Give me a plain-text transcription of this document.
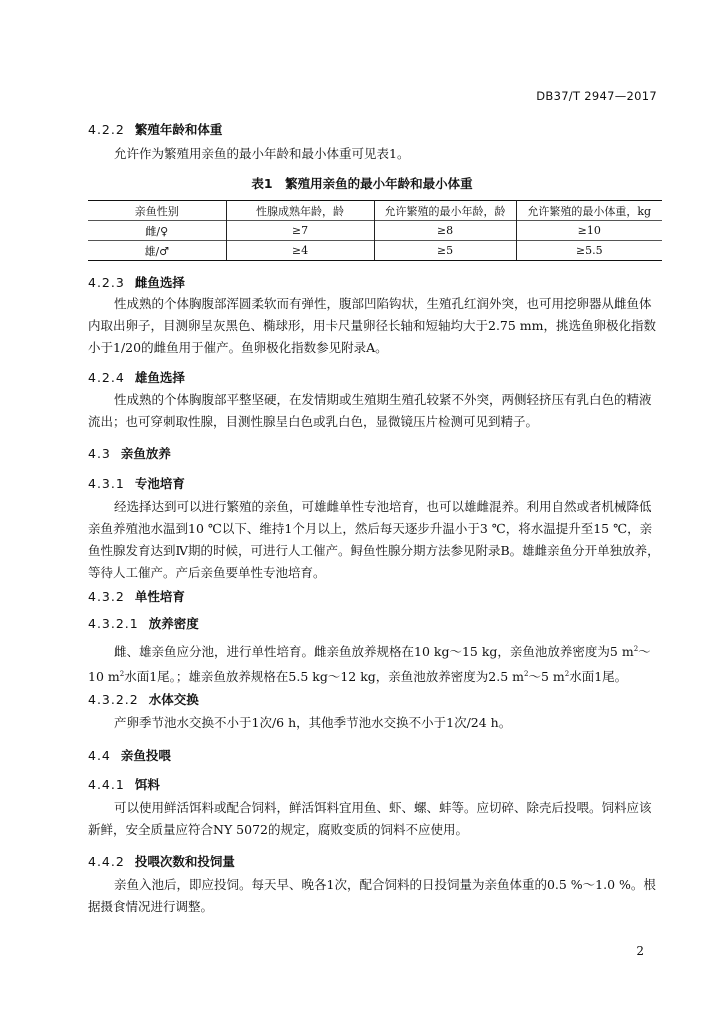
DB37/T 2947—2017
4.2.2 繁殖年龄和体重

允许作为繁殖用亲鱼的最小年龄和最小体重可见表1。

表1　繁殖用亲鱼的最小年龄和最小体重
亲鱼性别	性腺成熟年龄，龄	允许繁殖的最小年龄，龄	允许繁殖的最小体重，kg
雌/♀	≥7	≥8	≥10
雄/♂	≥4	≥5	≥5.5
4.2.3 雌鱼选择

性成熟的个体胸腹部浑圆柔软而有弹性，腹部凹陷钩状，生殖孔红润外突，也可用挖卵器从雌鱼体内取出卵子，目测卵呈灰黑色、椭球形，用卡尺量卵径长轴和短轴均大于2.75 mm，挑选鱼卵极化指数小于1/20的雌鱼用于催产。鱼卵极化指数参见附录A。

4.2.4 雄鱼选择

性成熟的个体胸腹部平整坚硬，在发情期或生殖期生殖孔较紧不外突，两侧轻挤压有乳白色的精液流出；也可穿刺取性腺，目测性腺呈白色或乳白色，显微镜压片检测可见到精子。

4.3 亲鱼放养
4.3.1 专池培育

经选择达到可以进行繁殖的亲鱼，可雄雌单性专池培育，也可以雄雌混养。利用自然或者机械降低亲鱼养殖池水温到10 ℃以下、维持1个月以上，然后每天逐步升温小于3 ℃，将水温提升至15 ℃，亲鱼性腺发育达到Ⅳ期的时候，可进行人工催产。鲟鱼性腺分期方法参见附录B。雄雌亲鱼分开单独放养，等待人工催产。产后亲鱼要单性专池培育。

4.3.2 单性培育
4.3.2.1 放养密度

雌、雄亲鱼应分池，进行单性培育。雌亲鱼放养规格在10 kg～15 kg，亲鱼池放养密度为5 $m^2\sim 10$ $m^2$水面1尾。；雄亲鱼放养规格在5.5 kg～12 kg，亲鱼池放养密度为2.5 $m^2\sim 5$ $m^2$水面1尾。

4.3.2.2 水体交换

产卵季节池水交换不小于1次/6 h，其他季节池水交换不小于1次/24 h。

4.4 亲鱼投喂
4.4.1 饵料

可以使用鲜活饵料或配合饲料，鲜活饵料宜用鱼、虾、螺、蚌等。应切碎、除壳后投喂。饲料应该新鲜，安全质量应符合NY 5072的规定，腐败变质的饲料不应使用。

4.4.2 投喂次数和投饲量

亲鱼入池后，即应投饲。每天早、晚各1次，配合饲料的日投饲量为亲鱼体重的0.5 %～1.0 %。根据摄食情况进行调整。

2
